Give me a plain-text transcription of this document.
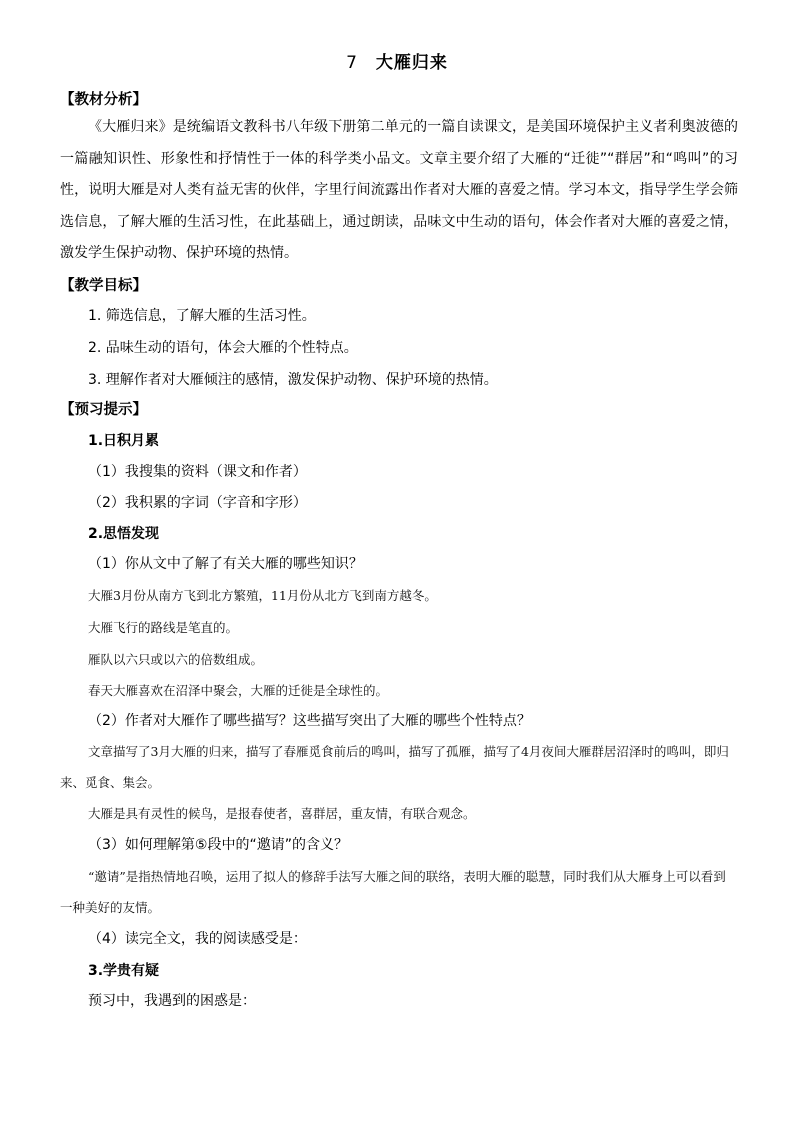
7 大雁归来
【教材分析】
《大雁归来》是统编语文教科书八年级下册第二单元的一篇自读课文，是美国环境保护主义者利奥波德的一篇融知识性、形象性和抒情性于一体的科学类小品文。文章主要介绍了大雁的“迁徙”“群居”和“鸣叫”的习性，说明大雁是对人类有益无害的伙伴，字里行间流露出作者对大雁的喜爱之情。学习本文，指导学生学会筛选信息，了解大雁的生活习性，在此基础上，通过朗读，品味文中生动的语句，体会作者对大雁的喜爱之情，激发学生保护动物、保护环境的热情。
【教学目标】
1. 筛选信息，了解大雁的生活习性。
2. 品味生动的语句，体会大雁的个性特点。
3. 理解作者对大雁倾注的感情，激发保护动物、保护环境的热情。
【预习提示】
1.日积月累
（1）我搜集的资料（课文和作者）
（2）我积累的字词（字音和字形）
2.思悟发现
（1）你从文中了解了有关大雁的哪些知识？
大雁3月份从南方飞到北方繁殖，11月份从北方飞到南方越冬。
大雁飞行的路线是笔直的。
雁队以六只或以六的倍数组成。
春天大雁喜欢在沼泽中聚会，大雁的迁徙是全球性的。
（2）作者对大雁作了哪些描写？这些描写突出了大雁的哪些个性特点？
文章描写了3月大雁的归来，描写了春雁觅食前后的鸣叫，描写了孤雁，描写了4月夜间大雁群居沼泽时的鸣叫，即归来、觅食、集会。
大雁是具有灵性的候鸟，是报春使者，喜群居，重友情，有联合观念。
（3）如何理解第⑤段中的“邀请”的含义？
“邀请”是指热情地召唤，运用了拟人的修辞手法写大雁之间的联络，表明大雁的聪慧，同时我们从大雁身上可以看到一种美好的友情。
（4）读完全文，我的阅读感受是：
3.学贵有疑
预习中，我遇到的困惑是：
